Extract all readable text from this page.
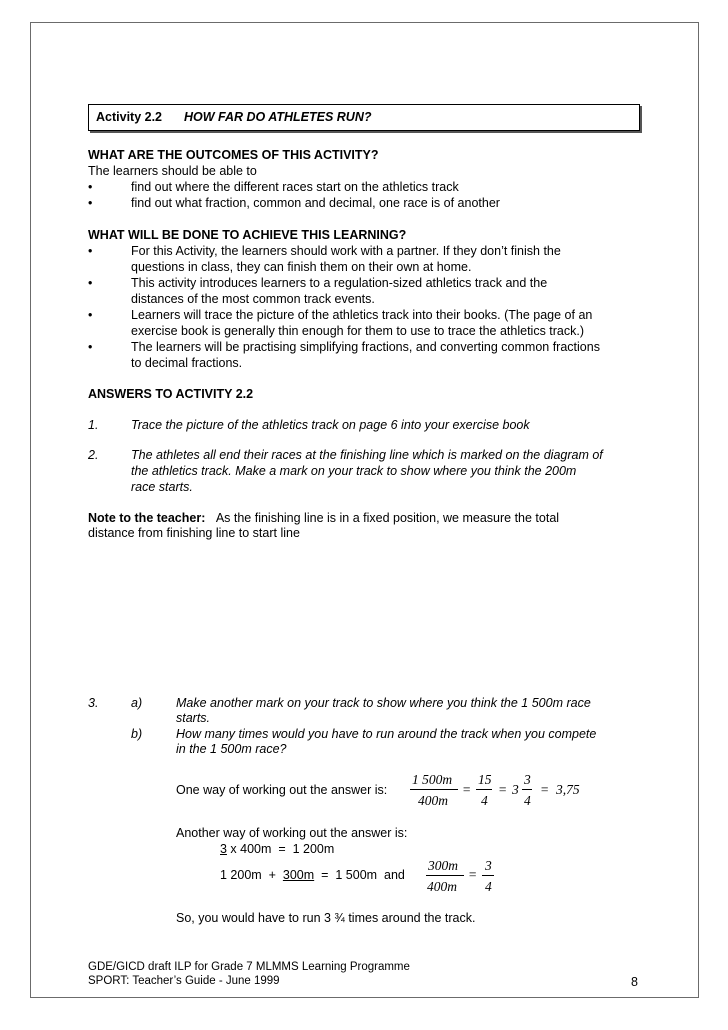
Activity 2.2 HOW FAR DO ATHLETES RUN?
WHAT ARE THE OUTCOMES OF THIS ACTIVITY?
The learners should be able to
•	find out where the different races start on the athletics track
•	find out what fraction, common and decimal, one race is of another
WHAT WILL BE DONE TO ACHIEVE THIS LEARNING?
•	For this Activity, the learners should work with a partner. If they don’t finish the
questions in class, they can finish them on their own at home.
•	This activity introduces learners to a regulation-sized athletics track and the
distances of the most common track events.
•	Learners will trace the picture of the athletics track into their books. (The page of an
exercise book is generally thin enough for them to use to trace the athletics track.)
•	The learners will be practising simplifying fractions, and converting common fractions
to decimal fractions.
ANSWERS TO ACTIVITY 2.2
1.	Trace the picture of the athletics track on page 6 into your exercise book
2.	The athletes all end their races at the finishing line which is marked on the diagram of
the athletics track. Make a mark on your track to show where you think the 200m
race starts.
Note to the teacher: As the finishing line is in a fixed position, we measure the total
distance from finishing line to start line
3.	a)	Make another mark on your track to show where you think the 1 500m race
starts.
b)	How many times would you have to run around the track when you compete
in the 1 500m race?
One way of working out the answer is:
1 500m
400m
=
15
4
= 3
3
4
= 3,75
Another way of working out the answer is:
3 x 400m  =  1 200m
1 200m  +  300m  =  1 500m  and
300m
400m
=
3
4
So, you would have to run 3 ¾ times around the track.
GDE/GICD draft ILP for Grade 7 MLMMS Learning Programme
SPORT: Teacher’s Guide - June 1999	8
